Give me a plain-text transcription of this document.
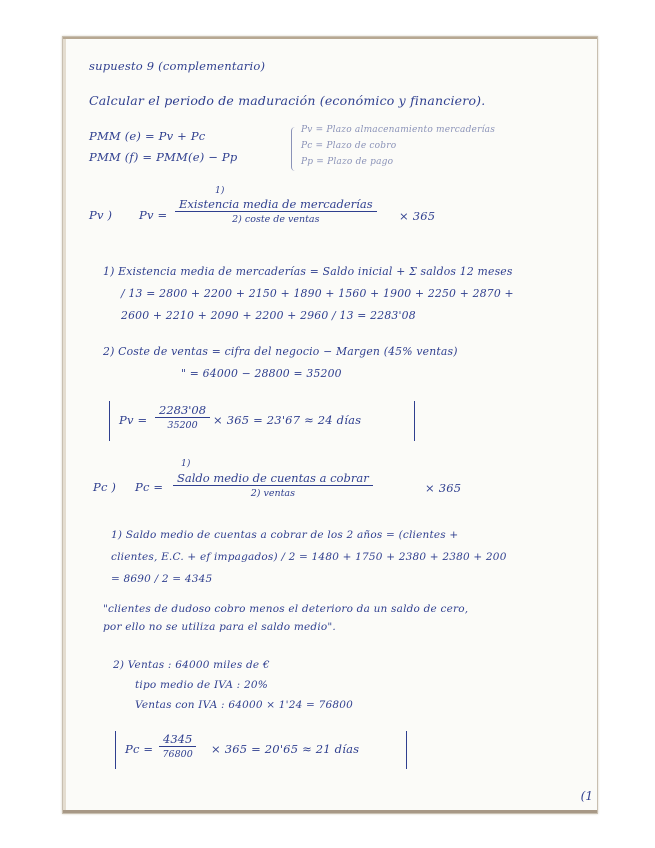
supuesto 9 (complementario)
Calcular el periodo de maduración (económico y financiero).
PMM (e) = Pv + Pc
PMM (f) = PMM(e) − Pp
Pv = Plazo almacenamiento mercaderías
Pc = Plazo de cobro
Pp = Plazo de pago
Pv ) Pv =
1)
Existencia media de mercaderías
2) coste de ventas	× 365
1) Existencia media de mercaderías = Saldo inicial + Σ saldos 12 meses
/ 13 = 2800 + 2200 + 2150 + 1890 + 1560 + 1900 + 2250 + 2870 +
2600 + 2210 + 2090 + 2200 + 2960 / 13 = 2283'08
2) Coste de ventas = cifra del negocio − Margen (45% ventas)
" = 64000 − 28800 = 35200
Pv =
2283'08
35200 × 365 = 23'67 ≈ 24 días
Pc ) Pc =
1)
Saldo medio de cuentas a cobrar
2) ventas	× 365
1) Saldo medio de cuentas a cobrar de los 2 años = (clientes +
clientes, E.C. + ef impagados) / 2 = 1480 + 1750 + 2380 + 2380 + 200
= 8690 / 2 = 4345
"clientes de dudoso cobro menos el deterioro da un saldo de cero,
por ello no se utiliza para el saldo medio".
2) Ventas : 64000 miles de €
tipo medio de IVA : 20%
Ventas con IVA : 64000 × 1'24 = 76800
Pc =
4345
76800 × 365 = 20'65 ≈ 21 días
(1
